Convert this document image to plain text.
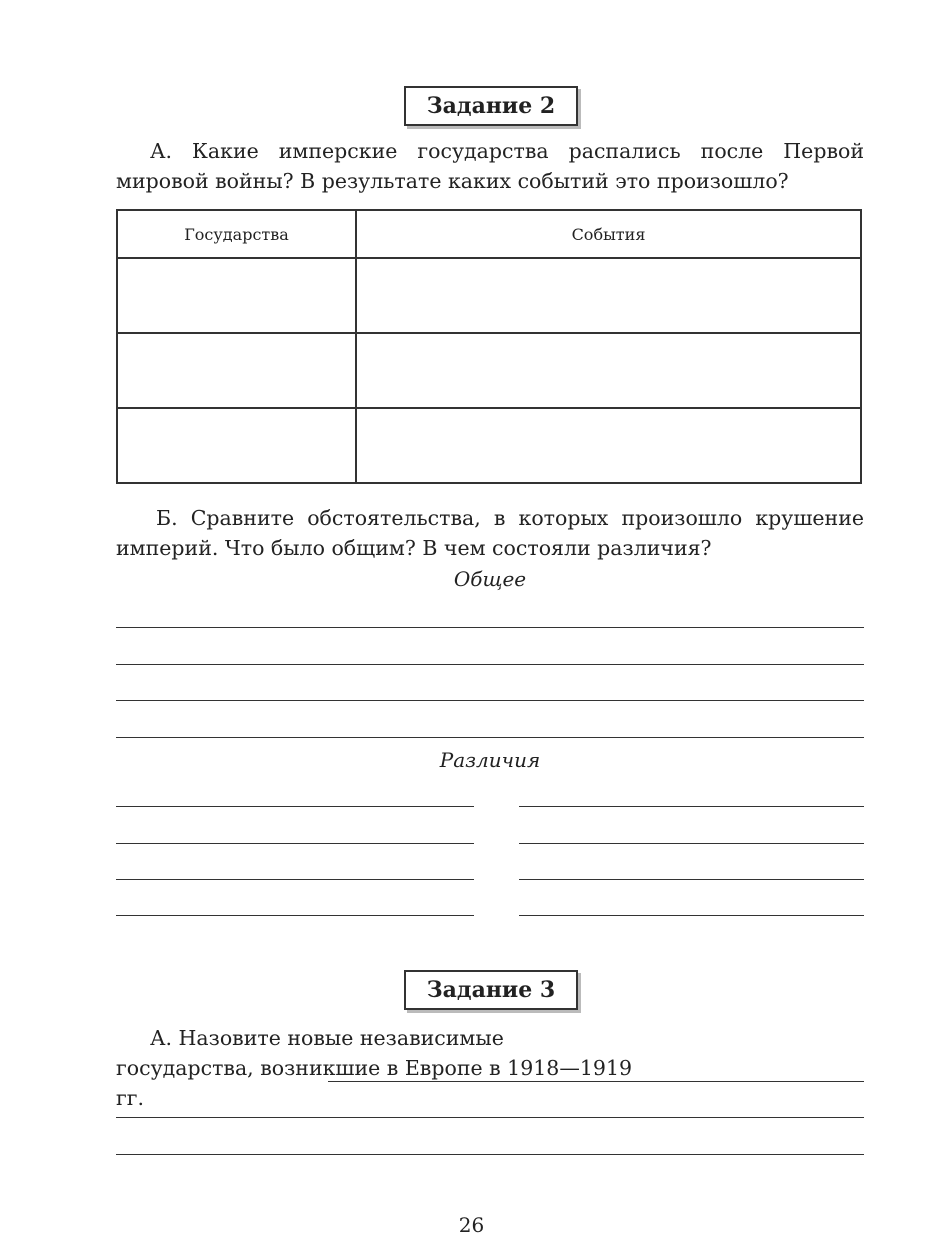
Задание 2
А. Какие имперские государства распались после Первой мировой войны? В результате каких событий это произошло?
Государства	События

Б. Сравните обстоятельства, в которых произошло крушение империй. Что было общим? В чем состояли различия?
Общее
Различия
Задание 3
А. Назовите новые независимые государства, возникшие в Европе в 1918—1919 гг.
26
